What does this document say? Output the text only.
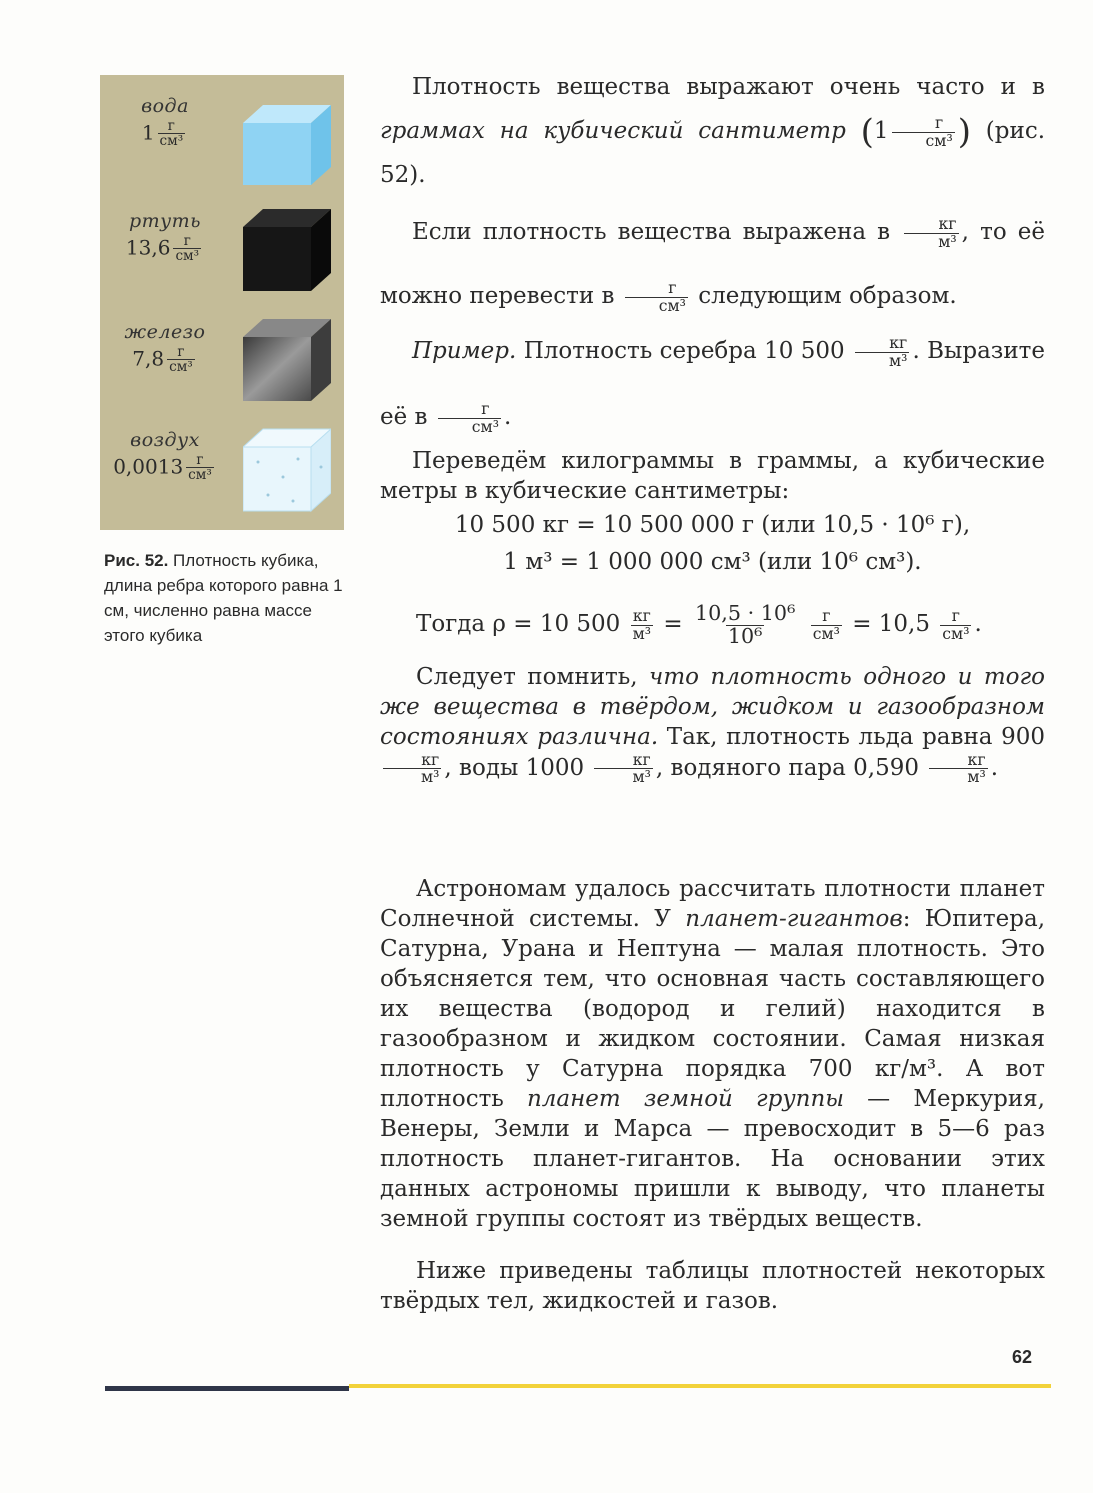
вода
$1 \frac{г}{\text{см³}}$
ртуть
$13,6 \frac{г}{\text{см³}}$
железо
$7,8 \frac{г}{\text{см³}}$
воздух
$0,0013 \frac{г}{\text{см³}}$
Рис. 52. Плотность кубика, длина ребра которого равна 1 см, численно равна массе этого кубика

Плотность вещества выражают очень часто и в граммах на кубический сантиметр ($1 \frac{г}{\text{см³}}$ ) (рис. 52).

Если плотность вещества выражена в $\frac{кг}{\text{м³}}$ , то её можно перевести в $\frac{г}{\text{см³}}$ следующим образом.

Пример. Плотность серебра 10 $500 \frac{кг}{\text{м³}}$ . Выразите её в $\frac{г}{\text{см³}}$ .

Переведём килограммы в граммы, а кубические метры в кубические сантиметры:

10 500 кг = 10 500 000 г (или 10,5 · 10⁶ г),

1 м³ = 1 000 000 см³ (или 10⁶ см³).

Тогда ρ = 10 $500 \frac{кг}{\text{м³}} = \frac{\text{10,5 · 10⁶}}{\text{10⁶}}$
$\frac{г}{\text{см³}} = 10,5 \frac{г}{\text{см³}}$ .

Следует помнить, что плотность одного и того же вещества в твёрдом, жидком и газообразном состояниях различна. Так, плотность льда равна 900
$\frac{кг}{\text{м³}}$ , воды $1000 \frac{кг}{\text{м³}}$ , водяного пара $0,590 \frac{кг}{\text{м³}}$ .

Астрономам удалось рассчитать плотности планет Солнечной системы. У планет-гигантов: Юпитера, Сатурна, Урана и Нептуна — малая плотность. Это объясняется тем, что основная часть составляющего их вещества (водород и гелий) находится в газообразном и жидком состоянии. Самая низкая плотность у Сатурна порядка 700 кг/м³. А вот плотность планет земной группы — Меркурия, Венеры, Земли и Марса — превосходит в 5—6 раз плотность планет-гигантов. На основании этих данных астрономы пришли к выводу, что планеты земной группы состоят из твёрдых веществ.

Ниже приведены таблицы плотностей некоторых твёрдых тел, жидкостей и газов.

62
